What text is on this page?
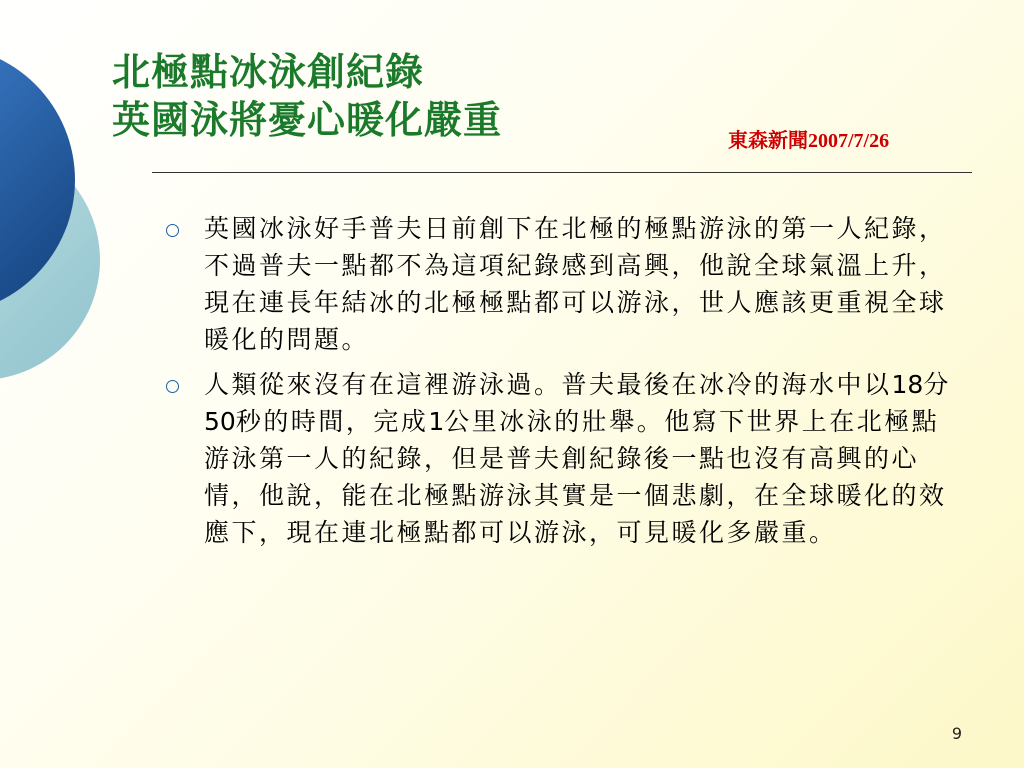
北極點冰泳創紀錄
英國泳將憂心暖化嚴重	東森新聞2007/7/26
英國冰泳好手普夫日前創下在北極的極點游泳的第一人紀錄，不過普夫一點都不為這項紀錄感到高興，他說全球氣溫上升，現在連長年結冰的北極極點都可以游泳，世人應該更重視全球暖化的問題。
人類從來沒有在這裡游泳過。普夫最後在冰冷的海水中以18分50秒的時間，完成1公里冰泳的壯舉。他寫下世界上在北極點游泳第一人的紀錄，但是普夫創紀錄後一點也沒有高興的心情，他說，能在北極點游泳其實是一個悲劇，在全球暖化的效應下，現在連北極點都可以游泳，可見暖化多嚴重。
9
